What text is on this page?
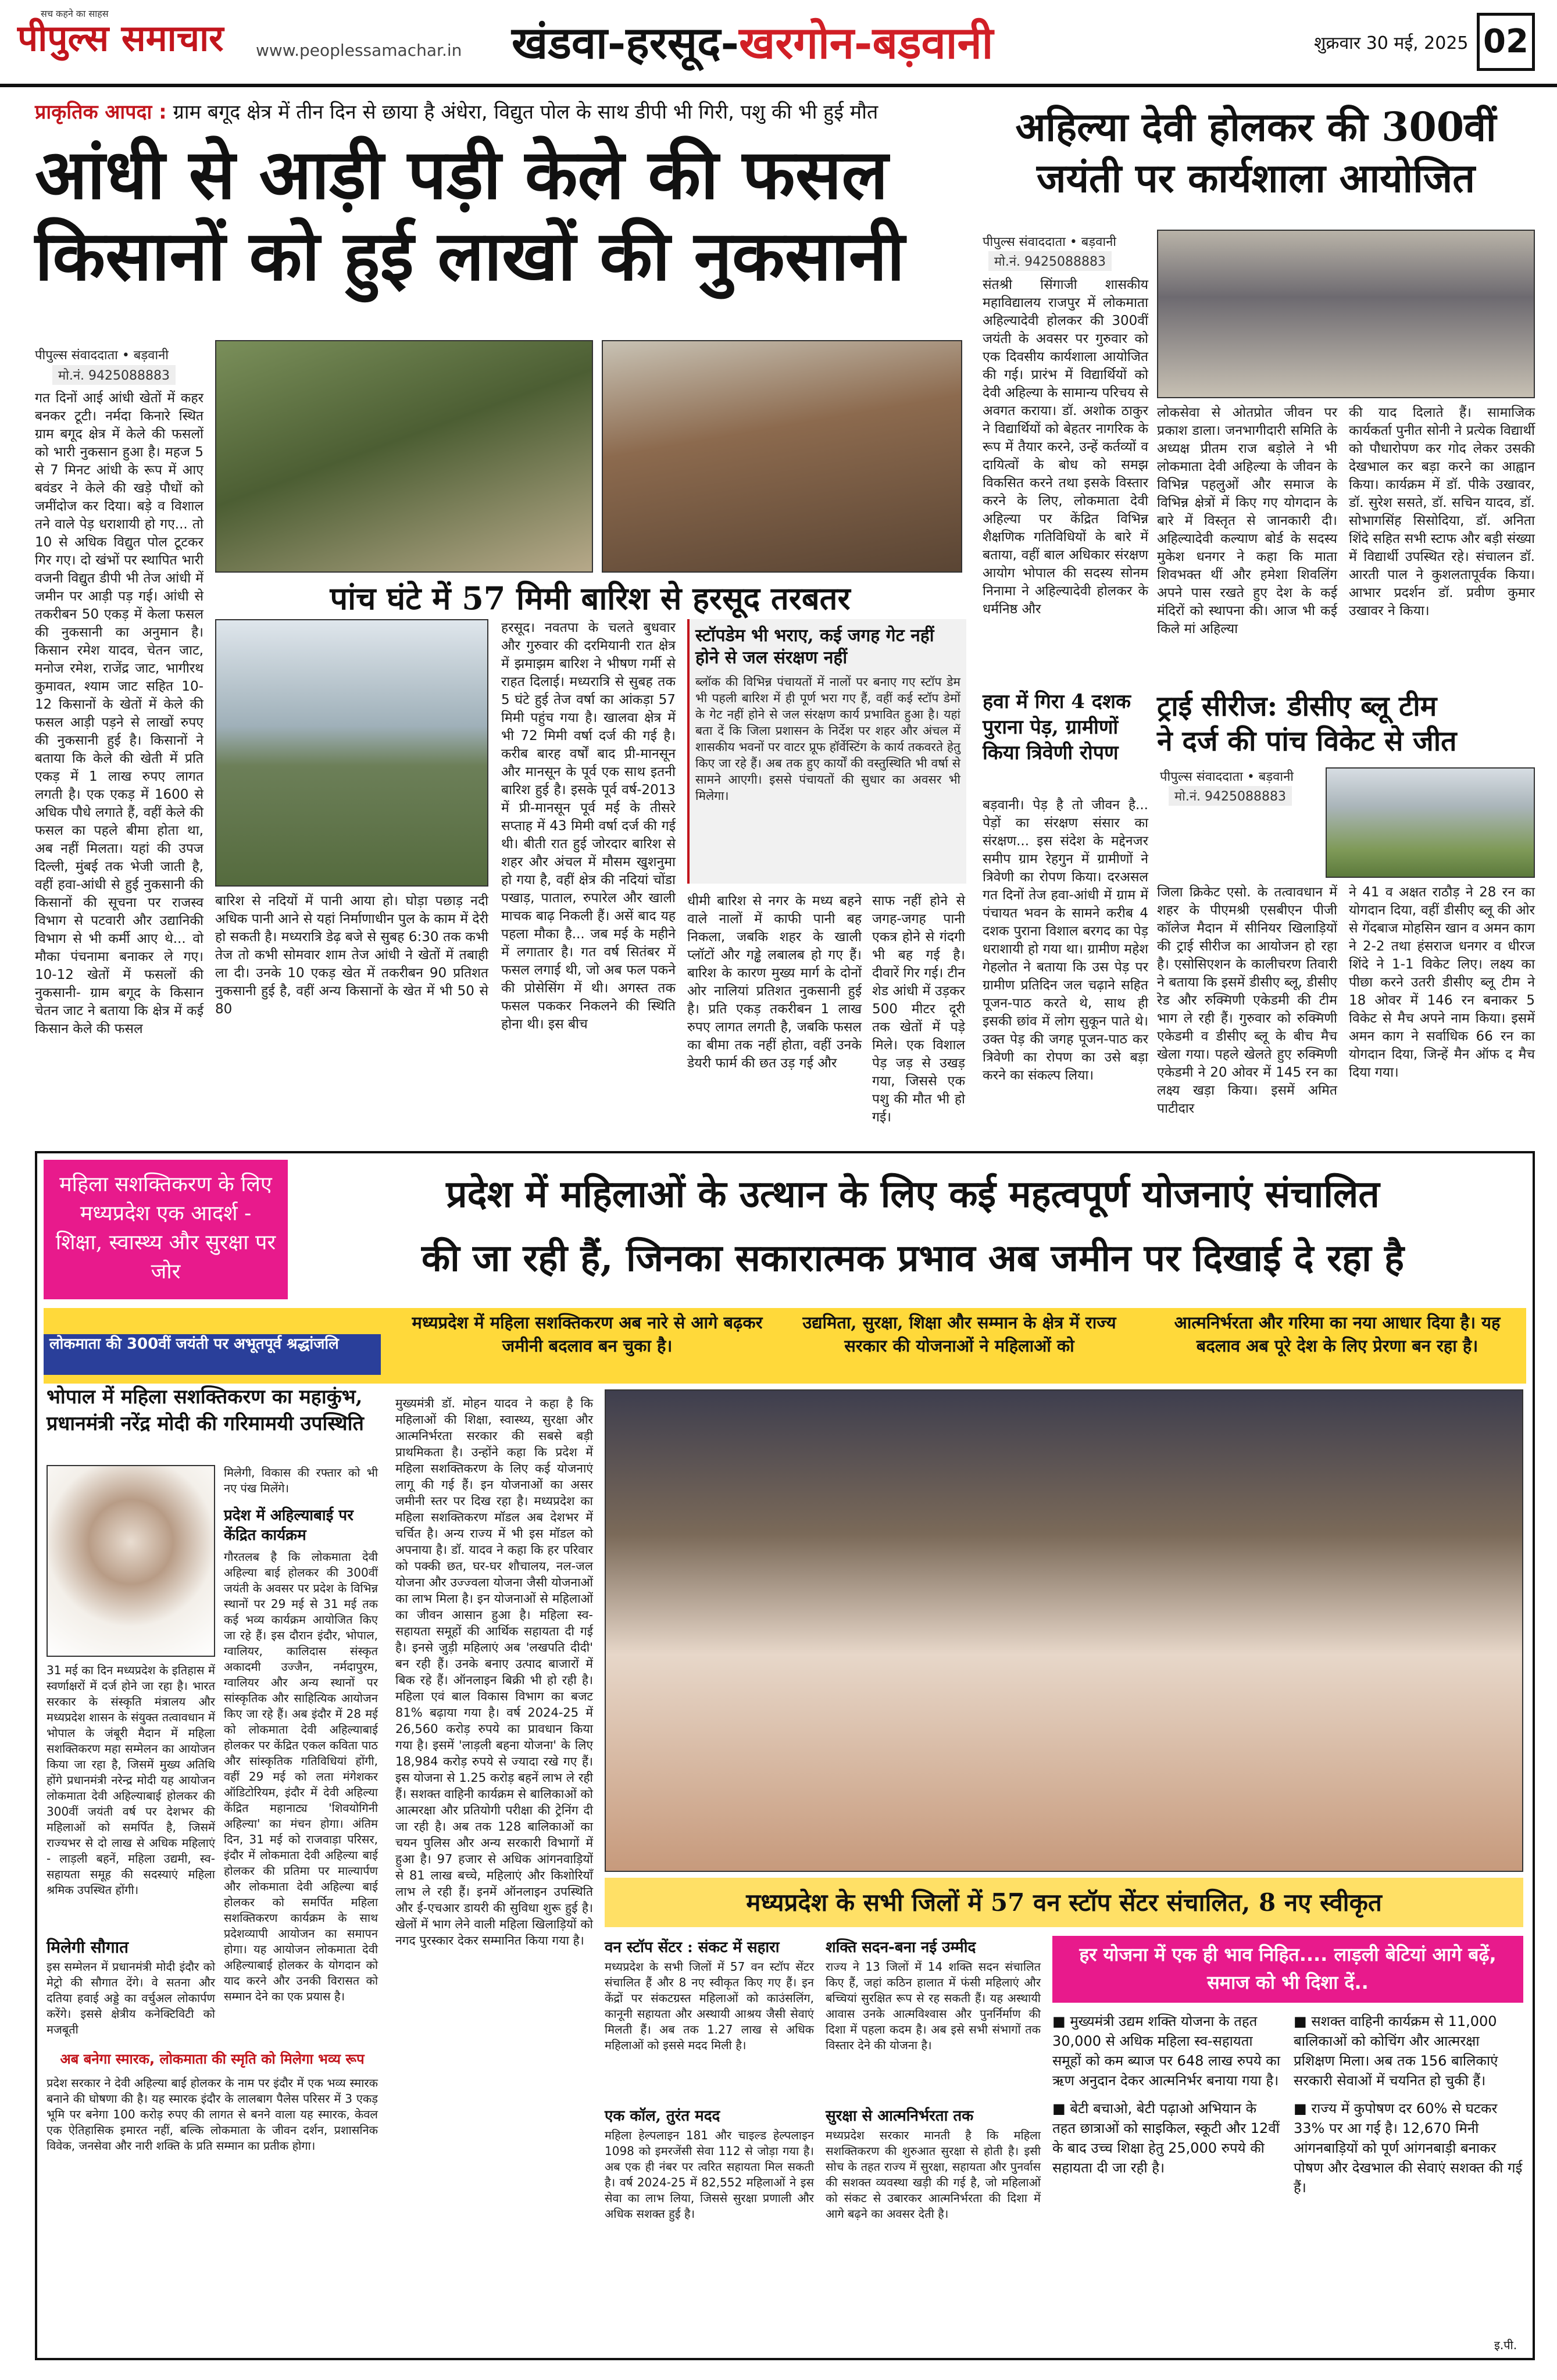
सच कहने का साहस
पीपुल्स समाचार www.peoplessamachar.in खंडवा-हरसूद-खरगोन-बड़वानी	शुक्रवार 30 मई, 2025 02
प्राकृतिक आपदा : ग्राम बगूद क्षेत्र में तीन दिन से छाया है अंधेरा, विद्युत पोल के साथ डीपी भी गिरी, पशु की भी हुई मौत
आंधी से आड़ी पड़ी केले की फसल
किसानों को हुई लाखों की नुकसानी
पीपुल्स संवाददाता • बड़वानी
मो.नं. 9425088883
गत दिनों आई आंधी खेतों में कहर बनकर टूटी। नर्मदा किनारे स्थित ग्राम बगूद क्षेत्र में केले की फसलों को भारी नुकसान हुआ है। महज 5 से 7 मिनट आंधी के रूप में आए बवंडर ने केले की खड़े पौधों को जमींदोज कर दिया। बड़े व विशाल तने वाले पेड़ धराशायी हो गए... तो 10 से अधिक विद्युत पोल टूटकर गिर गए। दो खंभों पर स्थापित भारी वजनी विद्युत डीपी भी तेज आंधी में जमीन पर आड़ी पड़ गई। आंधी से तकरीबन 50 एकड़ में केला फसल की नुकसानी का अनुमान है। किसान रमेश यादव, चेतन जाट, मनोज रमेश, राजेंद्र जाट, भागीरथ कुमावत, श्याम जाट सहित 10-12 किसानों के खेतों में केले की फसल आड़ी पड़ने से लाखों रुपए की नुकसानी हुई है। किसानों ने बताया कि केले की खेती में प्रति एकड़ में 1 लाख रुपए लागत लगती है। एक एकड़ में 1600 से अधिक पौधे लगाते हैं, वहीं केले की फसल का पहले बीमा होता था, अब नहीं मिलता। यहां की उपज दिल्ली, मुंबई तक भेजी जाती है, वहीं हवा-आंधी से हुई नुकसानी की किसानों की सूचना पर राजस्व विभाग से पटवारी और उद्यानिकी विभाग से भी कर्मी आए थे... वो मौका पंचनामा बनाकर ले गए। 10-12 खेतों में फसलों की नुकसानी- ग्राम बगूद के किसान चेतन जाट ने बताया कि क्षेत्र में कई किसान केले की फसल
पांच घंटे में 57 मिमी बारिश से हरसूद तरबतर
हरसूद। नवतपा के चलते बुधवार और गुरुवार की दरमियानी रात क्षेत्र में झमाझम बारिश ने भीषण गर्मी से राहत दिलाई। मध्यरात्रि से सुबह तक 5 घंटे हुई तेज वर्षा का आंकड़ा 57 मिमी पहुंच गया है। खालवा क्षेत्र में भी 72 मिमी वर्षा दर्ज की गई है। करीब बारह वर्षों बाद प्री-मानसून और मानसून के पूर्व एक साथ इतनी बारिश हुई है। इसके पूर्व वर्ष-2013 में प्री-मानसून पूर्व मई के तीसरे सप्ताह में 43 मिमी वर्षा दर्ज की गई थी। बीती रात हुई जोरदार बारिश से शहर और अंचल में मौसम खुशनुमा हो गया है, वहीं क्षेत्र की नदियां चोंडा पखाड़, पाताल, रुपारेल और खाली माचक बाढ़ निकली हैं। असें बाद यह पहला मौका है... जब मई के महीने में लगातार है। गत वर्ष सितंबर में फसल लगाई थी, जो अब फल पकने की प्रोसेसिंग में थी। अगस्त तक फसल पककर निकलने की स्थिति होना थी। इस बीच
बारिश से नदियों में पानी आया हो। घोड़ा पछाड़ नदी अधिक पानी आने से यहां निर्माणाधीन पुल के काम में देरी हो सकती है। मध्यरात्रि डेढ़ बजे से सुबह 6:30 तक कभी तेज तो कभी सोमवार शाम तेज आंधी ने खेतों में तबाही ला दी। उनके 10 एकड़ खेत में तकरीबन 90 प्रतिशत नुकसानी हुई है, वहीं अन्य किसानों के खेत में भी 50 से 80
धीमी बारिश से नगर के मध्य बहने वाले नालों में काफी पानी बह निकला, जबकि शहर के खाली प्लॉटों और गड्ढे लबालब हो गए हैं। बारिश के कारण मुख्य मार्ग के दोनों ओर नालियां प्रतिशत नुकसानी हुई है। प्रति एकड़ तकरीबन 1 लाख रुपए लागत लगती है, जबकि फसल का बीमा तक नहीं होता, वहीं उनके डेयरी फार्म की छत उड़ गई और
स्टॉपडेम भी भराए, कई जगह गेट नहीं होने से जल संरक्षण नहीं
ब्लॉक की विभिन्न पंचायतों में नालों पर बनाए गए स्टॉप डेम भी पहली बारिश में ही पूर्ण भरा गए हैं, वहीं कई स्टॉप डेमों के गेट नहीं होने से जल संरक्षण कार्य प्रभावित हुआ है। यहां बता दें कि जिला प्रशासन के निर्देश पर शहर और अंचल में शासकीय भवनों पर वाटर प्रूफ हॉर्वेस्टिंग के कार्य तकवरते हेतु किए जा रहे हैं। अब तक हुए कार्यों की वस्तुस्थिति भी वर्षा से सामने आएगी। इससे पंचायतों की सुधार का अवसर भी मिलेगा।
साफ नहीं होने से जगह-जगह पानी एकत्र होने से गंदगी भी बह गई है। दीवारें गिर गई। टीन शेड आंधी में उड़कर 500 मीटर दूरी तक खेतों में पड़े मिले। एक विशाल पेड़ जड़ से उखड़ गया, जिससे एक पशु की मौत भी हो गई।
अहिल्या देवी होलकर की 300वीं
जयंती पर कार्यशाला आयोजित
पीपुल्स संवाददाता • बड़वानी
मो.नं. 9425088883
संतश्री सिंगाजी शासकीय महाविद्यालय राजपुर में लोकमाता अहिल्यादेवी होलकर की 300वीं जयंती के अवसर पर गुरुवार को एक दिवसीय कार्यशाला आयोजित की गई। प्रारंभ में विद्यार्थियों को देवी अहिल्या के सामान्य परिचय से अवगत कराया। डॉ. अशोक ठाकुर ने विद्यार्थियों को बेहतर नागरिक के रूप में तैयार करने, उन्हें कर्तव्यों व दायित्वों के बोध को समझ विकसित करने तथा इसके विस्तार करने के लिए, लोकमाता देवी अहिल्या पर केंद्रित विभिन्न शैक्षणिक गतिविधियों के बारे में बताया, वहीं बाल अधिकार संरक्षण आयोग भोपाल की सदस्य सोनम निनामा ने अहिल्यादेवी होलकर के धर्मनिष्ठ और
लोकसेवा से ओतप्रोत जीवन पर प्रकाश डाला। जनभागीदारी समिति के अध्यक्ष प्रीतम राज बड़ोले ने भी लोकमाता देवी अहिल्या के जीवन के विभिन्न पहलुओं और समाज के विभिन्न क्षेत्रों में किए गए योगदान के बारे में विस्तृत से जानकारी दी। अहिल्यादेवी कल्याण बोर्ड के सदस्य मुकेश धनगर ने कहा कि माता शिवभक्त थीं और हमेशा शिवलिंग अपने पास रखते हुए देश के कई मंदिरों को स्थापना की। आज भी कई किले मां अहिल्या
की याद दिलाते हैं। सामाजिक कार्यकर्ता पुनीत सोनी ने प्रत्येक विद्यार्थी को पौधारोपण कर गोद लेकर उसकी देखभाल कर बड़ा करने का आह्वान किया। कार्यक्रम में डॉ. पीके उखावर, डॉ. सुरेश ससते, डॉ. सचिन यादव, डॉ. सोभागसिंह सिसोदिया, डॉ. अनिता शिंदे सहित सभी स्टाफ और बड़ी संख्या में विद्यार्थी उपस्थित रहे। संचालन डॉ. आरती पाल ने कुशलतापूर्वक किया। आभार प्रदर्शन डॉ. प्रवीण कुमार उखावर ने किया।
हवा में गिरा 4 दशक पुराना पेड़, ग्रामीणों किया त्रिवेणी रोपण
बड़वानी। पेड़ है तो जीवन है... पेड़ों का संरक्षण संसार का संरक्षण... इस संदेश के मद्देनजर समीप ग्राम रेहगुन में ग्रामीणों ने त्रिवेणी का रोपण किया। दरअसल गत दिनों तेज हवा-आंधी में ग्राम में पंचायत भवन के सामने करीब 4 दशक पुराना विशाल बरगद का पेड़ धराशायी हो गया था। ग्रामीण महेश गेहलोत ने बताया कि उस पेड़ पर ग्रामीण प्रतिदिन जल चढ़ाने सहित पूजन-पाठ करते थे, साथ ही इसकी छांव में लोग सुकून पाते थे। उक्त पेड़ की जगह पूजन-पाठ कर त्रिवेणी का रोपण का उसे बड़ा करने का संकल्प लिया।
ट्राई सीरीज: डीसीए ब्लू टीम
ने दर्ज की पांच विकेट से जीत
पीपुल्स संवाददाता • बड़वानी
मो.नं. 9425088883
जिला क्रिकेट एसो. के तत्वावधान में शहर के पीएमश्री एसबीएन पीजी कॉलेज मैदान में सीनियर खिलाड़ियों की ट्राई सीरीज का आयोजन हो रहा है। एसोसिएशन के कालीचरण तिवारी ने बताया कि इसमें डीसीए ब्लू, डीसीए रेड और रुक्मिणी एकेडमी की टीम भाग ले रही हैं। गुरुवार को रुक्मिणी एकेडमी व डीसीए ब्लू के बीच मैच खेला गया। पहले खेलते हुए रुक्मिणी एकेडमी ने 20 ओवर में 145 रन का लक्ष्य खड़ा किया। इसमें अमित पाटीदार
ने 41 व अक्षत राठौड़ ने 28 रन का योगदान दिया, वहीं डीसीए ब्लू की ओर से गेंदबाज मोहसिन खान व अमन काग ने 2-2 तथा हंसराज धनगर व धीरज शिंदे ने 1-1 विकेट लिए। लक्ष्य का पीछा करने उतरी डीसीए ब्लू टीम ने 18 ओवर में 146 रन बनाकर 5 विकेट से मैच अपने नाम किया। इसमें अमन काग ने सर्वाधिक 66 रन का योगदान दिया, जिन्हें मैन ऑफ द मैच दिया गया।
महिला सशक्तिकरण के लिए मध्यप्रदेश एक आदर्श - शिक्षा, स्वास्थ्य और सुरक्षा पर जोर
प्रदेश में महिलाओं के उत्थान के लिए कई महत्वपूर्ण योजनाएं संचालित
की जा रही हैं, जिनका सकारात्मक प्रभाव अब जमीन पर दिखाई दे रहा है
लोकमाता की 300वीं जयंती पर अभूतपूर्व श्रद्धांजलि
मध्यप्रदेश में महिला सशक्तिकरण अब नारे से आगे बढ़कर जमीनी बदलाव बन चुका है।
उद्यमिता, सुरक्षा, शिक्षा और सम्मान के क्षेत्र में राज्य सरकार की योजनाओं ने महिलाओं को
आत्मनिर्भरता और गरिमा का नया आधार दिया है। यह बदलाव अब पूरे देश के लिए प्रेरणा बन रहा है।
भोपाल में महिला सशक्तिकरण का महाकुंभ, प्रधानमंत्री नरेंद्र मोदी की गरिमामयी उपस्थिति
31 मई का दिन मध्यप्रदेश के इतिहास में स्वर्णाक्षरों में दर्ज होने जा रहा है। भारत सरकार के संस्कृति मंत्रालय और मध्यप्रदेश शासन के संयुक्त तत्वावधान में भोपाल के जंबूरी मैदान में महिला सशक्तिकरण महा सम्मेलन का आयोजन किया जा रहा है, जिसमें मुख्य अतिथि होंगे प्रधानमंत्री नरेन्द्र मोदी यह आयोजन लोकमाता देवी अहिल्याबाई होलकर की 300वीं जयंती वर्ष पर देशभर की महिलाओं को समर्पित है, जिसमें राज्यभर से दो लाख से अधिक महिलाएं - लाड़ली बहनें, महिला उद्यमी, स्व-सहायता समूह की सदस्याएं महिला श्रमिक उपस्थित होंगी।
मिलेगी सौगात
इस सम्मेलन में प्रधानमंत्री मोदी इंदौर को मेट्रो की सौगात देंगे। वे सतना और दतिया हवाई अड्डे का वर्चुअल लोकार्पण करेंगे। इससे क्षेत्रीय कनेक्टिविटी को मजबूती
मिलेगी, विकास की रफ्तार को भी नए पंख मिलेंगे।
प्रदेश में अहिल्याबाई पर केंद्रित कार्यक्रम
गौरतलब है कि लोकमाता देवी अहिल्या बाई होलकर की 300वीं जयंती के अवसर पर प्रदेश के विभिन्न स्थानों पर 29 मई से 31 मई तक कई भव्य कार्यक्रम आयोजित किए जा रहे हैं। इस दौरान इंदौर, भोपाल, ग्वालियर, कालिदास संस्कृत अकादमी उज्जैन, नर्मदापुरम, ग्वालियर और अन्य स्थानों पर सांस्कृतिक और साहित्यिक आयोजन किए जा रहे हैं। अब इंदौर में 28 मई को लोकमाता देवी अहिल्याबाई होलकर पर केंद्रित एकल कविता पाठ और सांस्कृतिक गतिविधियां होंगी, वहीं 29 मई को लता मंगेशकर ऑडिटोरियम, इंदौर में देवी अहिल्या केंद्रित महानाट्य 'शिवयोगिनी अहिल्या' का मंचन होगा। अंतिम दिन, 31 मई को राजवाड़ा परिसर, इंदौर में लोकमाता देवी अहिल्या बाई होलकर की प्रतिमा पर माल्यार्पण और लोकमाता देवी अहिल्या बाई होलकर को समर्पित महिला सशक्तिकरण कार्यक्रम के साथ प्रदेशव्यापी आयोजन का समापन होगा। यह आयोजन लोकमाता देवी अहिल्याबाई होलकर के योगदान को याद करने और उनकी विरासत को सम्मान देने का एक प्रयास है।
अब बनेगा स्मारक, लोकमाता की स्मृति को मिलेगा भव्य रूप
प्रदेश सरकार ने देवी अहिल्या बाई होलकर के नाम पर इंदौर में एक भव्य स्मारक बनाने की घोषणा की है। यह स्मारक इंदौर के लालबाग पैलेस परिसर में 3 एकड़ भूमि पर बनेगा 100 करोड़ रुपए की लागत से बनने वाला यह स्मारक, केवल एक ऐतिहासिक इमारत नहीं, बल्कि लोकमाता के जीवन दर्शन, प्रशासनिक विवेक, जनसेवा और नारी शक्ति के प्रति सम्मान का प्रतीक होगा।
मुख्यमंत्री डॉ. मोहन यादव ने कहा है कि महिलाओं की शिक्षा, स्वास्थ्य, सुरक्षा और आत्मनिर्भरता सरकार की सबसे बड़ी प्राथमिकता है। उन्होंने कहा कि प्रदेश में महिला सशक्तिकरण के लिए कई योजनाएं लागू की गई हैं। इन योजनाओं का असर जमीनी स्तर पर दिख रहा है। मध्यप्रदेश का महिला सशक्तिकरण मॉडल अब देशभर में चर्चित है। अन्य राज्य में भी इस मॉडल को अपनाया है। डॉ. यादव ने कहा कि हर परिवार को पक्की छत, घर-घर शौचालय, नल-जल योजना और उज्ज्वला योजना जैसी योजनाओं का लाभ मिला है। इन योजनाओं से महिलाओं का जीवन आसान हुआ है। महिला स्व-सहायता समूहों की आर्थिक सहायता दी गई है। इनसे जुड़ी महिलाएं अब 'लखपति दीदी' बन रही हैं। उनके बनाए उत्पाद बाजारों में बिक रहे हैं। ऑनलाइन बिक्री भी हो रही है। महिला एवं बाल विकास विभाग का बजट 81% बढ़ाया गया है। वर्ष 2024-25 में 26,560 करोड़ रुपये का प्रावधान किया गया है। इसमें 'लाड़ली बहना योजना' के लिए 18,984 करोड़ रुपये से ज्यादा रखे गए हैं। इस योजना से 1.25 करोड़ बहनें लाभ ले रही हैं। सशक्त वाहिनी कार्यक्रम से बालिकाओं को आत्मरक्षा और प्रतियोगी परीक्षा की ट्रेनिंग दी जा रही है। अब तक 128 बालिकाओं का चयन पुलिस और अन्य सरकारी विभागों में हुआ है। 97 हजार से अधिक आंगनवाड़ियों से 81 लाख बच्चे, महिलाएं और किशोरियाँ लाभ ले रही हैं। इनमें ऑनलाइन उपस्थिति और ई-एचआर डायरी की सुविधा शुरू हुई है। खेलों में भाग लेने वाली महिला खिलाड़ियों को नगद पुरस्कार देकर सम्मानित किया गया है।
मध्यप्रदेश के सभी जिलों में 57 वन स्टॉप सेंटर संचालित, 8 नए स्वीकृत
वन स्टॉप सेंटर : संकट में सहारा
मध्यप्रदेश के सभी जिलों में 57 वन स्टॉप सेंटर संचालित हैं और 8 नए स्वीकृत किए गए हैं। इन केंद्रों पर संकटग्रस्त महिलाओं को काउंसलिंग, कानूनी सहायता और अस्थायी आश्रय जैसी सेवाएं मिलती हैं। अब तक 1.27 लाख से अधिक महिलाओं को इससे मदद मिली है।
एक कॉल, तुरंत मदद
महिला हेल्पलाइन 181 और चाइल्ड हेल्पलाइन 1098 को इमरजेंसी सेवा 112 से जोड़ा गया है। अब एक ही नंबर पर त्वरित सहायता मिल सकती है। वर्ष 2024-25 में 82,552 महिलाओं ने इस सेवा का लाभ लिया, जिससे सुरक्षा प्रणाली और अधिक सशक्त हुई है।
शक्ति सदन-बना नई उम्मीद
राज्य ने 13 जिलों में 14 शक्ति सदन संचालित किए हैं, जहां कठिन हालात में फंसी महिलाएं और बच्चियां सुरक्षित रूप से रह सकती हैं। यह अस्थायी आवास उनके आत्मविश्वास और पुनर्निर्माण की दिशा में पहला कदम है। अब इसे सभी संभागों तक विस्तार देने की योजना है।
सुरक्षा से आत्मनिर्भरता तक
मध्यप्रदेश सरकार मानती है कि महिला सशक्तिकरण की शुरुआत सुरक्षा से होती है। इसी सोच के तहत राज्य में सुरक्षा, सहायता और पुनर्वास की सशक्त व्यवस्था खड़ी की गई है, जो महिलाओं को संकट से उबारकर आत्मनिर्भरता की दिशा में आगे बढ़ने का अवसर देती है।
हर योजना में एक ही भाव निहित.... लाड़ली बेटियां आगे बढ़ें, समाज को भी दिशा दें..
■ मुख्यमंत्री उद्यम शक्ति योजना के तहत 30,000 से अधिक महिला स्व-सहायता समूहों को कम ब्याज पर 648 लाख रुपये का ऋण अनुदान देकर आत्मनिर्भर बनाया गया है।
■ बेटी बचाओ, बेटी पढ़ाओ अभियान के तहत छात्राओं को साइकिल, स्कूटी और 12वीं के बाद उच्च शिक्षा हेतु 25,000 रुपये की सहायता दी जा रही है।
■ सशक्त वाहिनी कार्यक्रम से 11,000 बालिकाओं को कोचिंग और आत्मरक्षा प्रशिक्षण मिला। अब तक 156 बालिकाएं सरकारी सेवाओं में चयनित हो चुकी हैं।
■ राज्य में कुपोषण दर 60% से घटकर 33% पर आ गई है। 12,670 मिनी आंगनबाड़ियों को पूर्ण आंगनबाड़ी बनाकर पोषण और देखभाल की सेवाएं सशक्त की गई हैं।
इ.पी.
